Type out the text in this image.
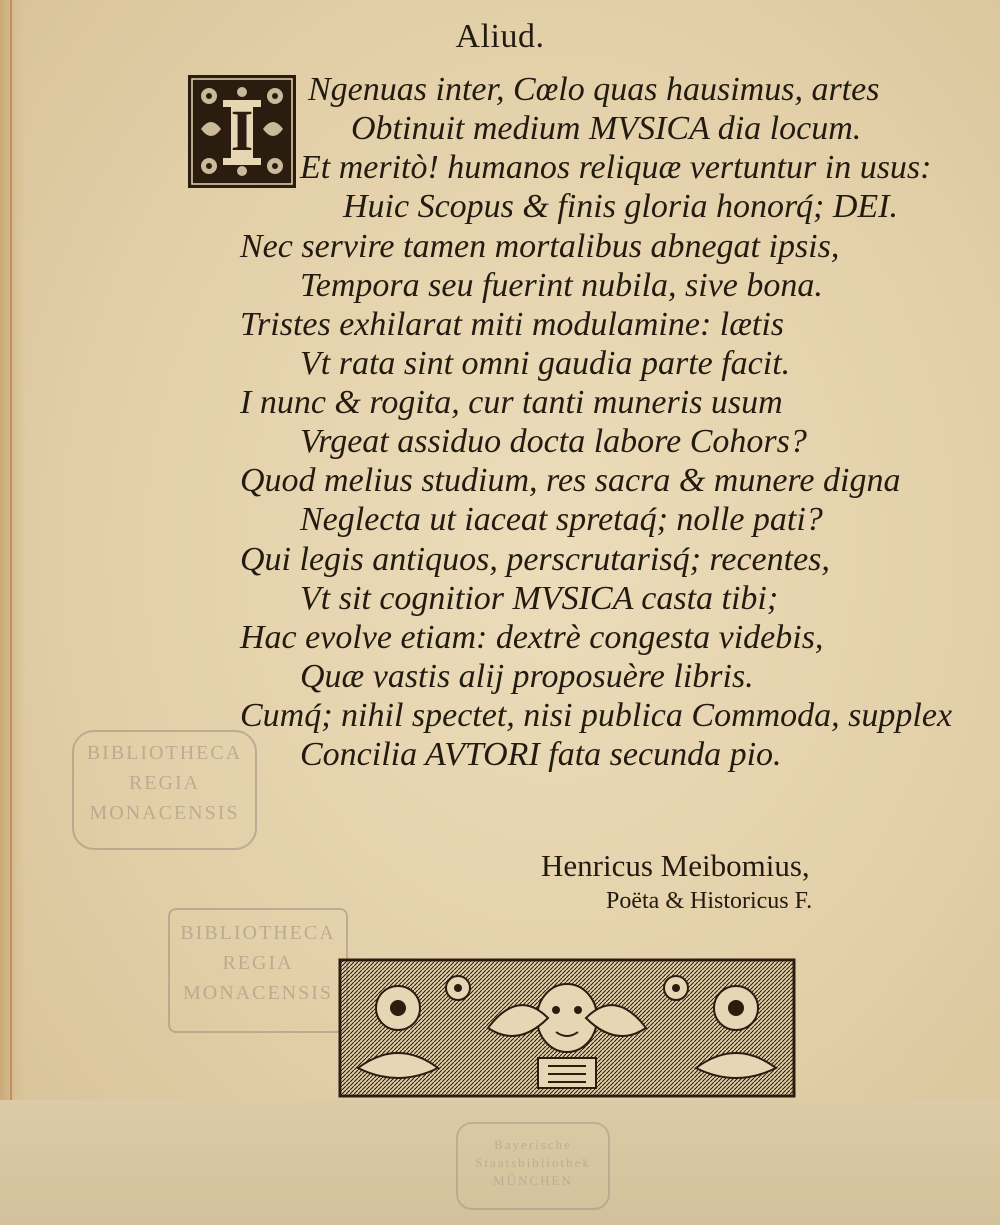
Aliud.
I
Ngenuas inter, Cœlo quas hausimus, artes
Obtinuit medium MVSICA dia locum.
Et meritò! humanos reliquæ vertuntur in usus:
Huic Scopus & finis gloria honorq́; DEI.
Nec servire tamen mortalibus abnegat ipsis,
Tempora seu fuerint nubila, sive bona.
Tristes exhilarat miti modulamine: lætis
Vt rata sint omni gaudia parte facit.
I nunc & rogita, cur tanti muneris usum
Vrgeat assiduo docta labore Cohors?
Quod melius studium, res sacra & munere digna
Neglecta ut iaceat spretaq́; nolle pati?
Qui legis antiquos, perscrutarisq́; recentes,
Vt sit cognitior MVSICA casta tibi;
Hac evolve etiam: dextrè congesta videbis,
Quæ vastis alij proposuère libris.
Cumq́; nihil spectet, nisi publica Commoda, supplex
Concilia AVTORI fata secunda pio.
Henricus Meibomius,
Poëta & Historicus F.
BIBLIOTHECA
REGIA
MONACENSIS
BIBLIOTHECA
REGIA
MONACENSIS
Bayerische
Staatsbibliothek
MÜNCHEN
